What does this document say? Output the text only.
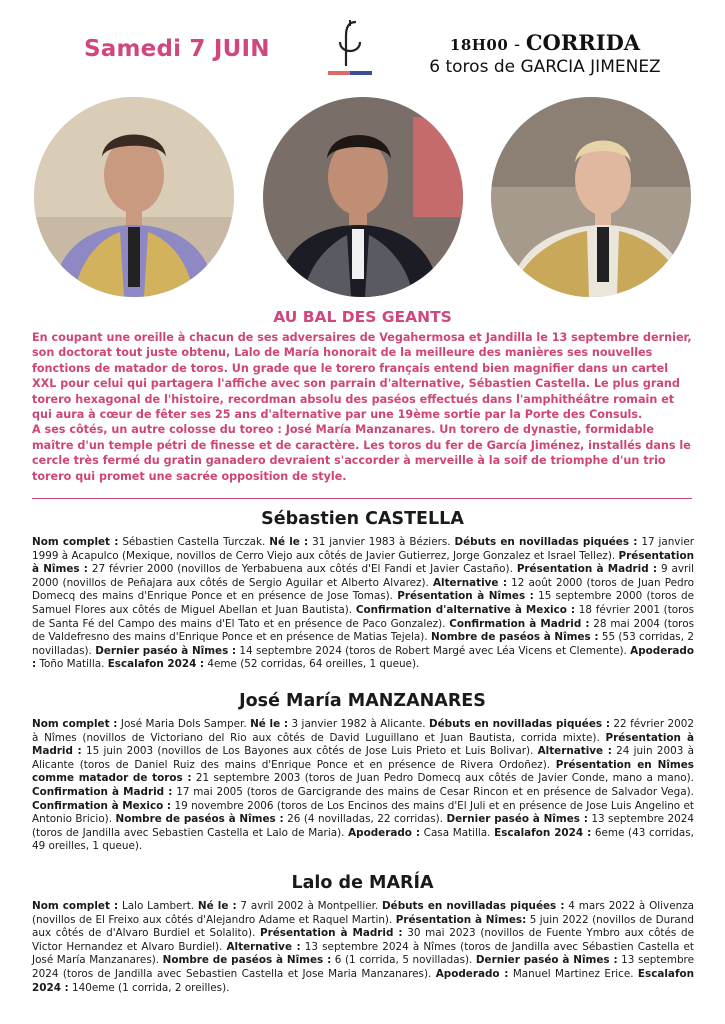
Samedi 7 JUIN	18H00 - CORRIDA
6 toros de GARCIA JIMENEZ
AU BAL DES GEANTS

En coupant une oreille à chacun de ses adversaires de Vegahermosa et Jandilla le 13 septembre dernier, son doctorat tout juste obtenu, Lalo de María honorait de la meilleure des manières ses nouvelles fonctions de matador de toros. Un grade que le torero français entend bien magnifier dans un cartel XXL pour celui qui partagera l'affiche avec son parrain d'alternative, Sébastien Castella. Le plus grand torero hexagonal de l'histoire, recordman absolu des paséos effectués dans l'amphithéâtre romain et qui aura à cœur de fêter ses 25 ans d'alternative par une 19ème sortie par la Porte des Consuls.

A ses côtés, un autre colosse du toreo : José María Manzanares. Un torero de dynastie, formidable maître d'un temple pétri de finesse et de caractère. Les toros du fer de García Jiménez, installés dans le cercle très fermé du gratin ganadero devraient s'accorder à merveille à la soif de triomphe d'un trio torero qui promet une sacrée opposition de style.

Sébastien CASTELLA
Nom complet : Sébastien Castella Turczak. Né le : 31 janvier 1983 à Béziers. Débuts en novilladas piquées : 17 janvier 1999 à Acapulco (Mexique, novillos de Cerro Viejo aux côtés de Javier Gutierrez, Jorge Gonzalez et Israel Tellez). Présentation à Nîmes : 27 février 2000 (novillos de Yerbabuena aux côtés d'El Fandi et Javier Castaño). Présentation à Madrid : 9 avril 2000 (novillos de Peñajara aux côtés de Sergio Aguilar et Alberto Alvarez). Alternative : 12 août 2000 (toros de Juan Pedro Domecq des mains d'Enrique Ponce et en présence de Jose Tomas). Présentation à Nîmes : 15 septembre 2000 (toros de Samuel Flores aux côtés de Miguel Abellan et Juan Bautista). Confirmation d'alternative à Mexico : 18 février 2001 (toros de Santa Fé del Campo des mains d'El Tato et en présence de Paco Gonzalez). Confirmation à Madrid : 28 mai 2004 (toros de Valdefresno des mains d'Enrique Ponce et en présence de Matias Tejela). Nombre de paséos à Nîmes : 55 (53 corridas, 2 novilladas). Dernier paséo à Nîmes : 14 septembre 2024 (toros de Robert Margé avec Léa Vicens et Clemente). Apoderado : Toño Matilla. Escalafon 2024 : 4eme (52 corridas, 64 oreilles, 1 queue).
José María MANZANARES
Nom complet : José Maria Dols Samper. Né le : 3 janvier 1982 à Alicante. Débuts en novilladas piquées : 22 février 2002 à Nîmes (novillos de Victoriano del Rio aux côtés de David Luguillano et Juan Bautista, corrida mixte). Présentation à Madrid : 15 juin 2003 (novillos de Los Bayones aux côtés de Jose Luis Prieto et Luis Bolivar). Alternative : 24 juin 2003 à Alicante (toros de Daniel Ruiz des mains d'Enrique Ponce et en présence de Rivera Ordoñez). Présentation en Nîmes comme matador de toros : 21 septembre 2003 (toros de Juan Pedro Domecq aux côtés de Javier Conde, mano a mano). Confirmation à Madrid : 17 mai 2005 (toros de Garcigrande des mains de Cesar Rincon et en présence de Salvador Vega). Confirmation à Mexico : 19 novembre 2006 (toros de Los Encinos des mains d'El Juli et en présence de Jose Luis Angelino et Antonio Bricio). Nombre de paséos à Nîmes : 26 (4 novilladas, 22 corridas). Dernier paséo à Nîmes : 13 septembre 2024 (toros de Jandilla avec Sebastien Castella et Lalo de Maria). Apoderado : Casa Matilla. Escalafon 2024 : 6eme (43 corridas, 49 oreilles, 1 queue).
Lalo de MARÍA
Nom complet : Lalo Lambert. Né le : 7 avril 2002 à Montpellier. Débuts en novilladas piquées : 4 mars 2022 à Olivenza (novillos de El Freixo aux côtés d'Alejandro Adame et Raquel Martin). Présentation à Nîmes: 5 juin 2022 (novillos de Durand aux côtés de d'Alvaro Burdiel et Solalito). Présentation à Madrid : 30 mai 2023 (novillos de Fuente Ymbro aux côtés de Victor Hernandez et Alvaro Burdiel). Alternative : 13 septembre 2024 à Nîmes (toros de Jandilla avec Sébastien Castella et José María Manzanares). Nombre de paséos à Nîmes : 6 (1 corrida, 5 novilladas). Dernier paséo à Nîmes : 13 septembre 2024 (toros de Jandilla avec Sebastien Castella et Jose Maria Manzanares). Apoderado : Manuel Martinez Erice. Escalafon 2024 : 140eme (1 corrida, 2 oreilles).
